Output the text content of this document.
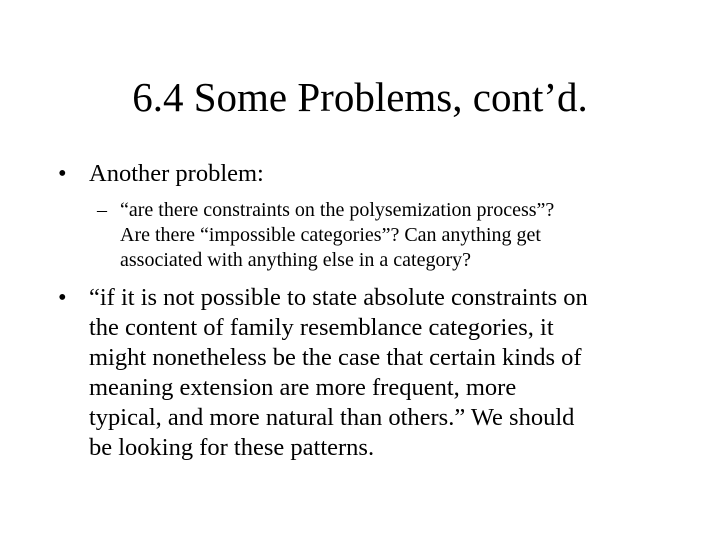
6.4 Some Problems, cont’d.
• Another problem:
– “are there constraints on the polysemization process”?
Are there “impossible categories”? Can anything get
associated with anything else in a category?
• “if it is not possible to state absolute constraints on
the content of family resemblance categories, it
might nonetheless be the case that certain kinds of
meaning extension are more frequent, more
typical, and more natural than others.” We should
be looking for these patterns.
